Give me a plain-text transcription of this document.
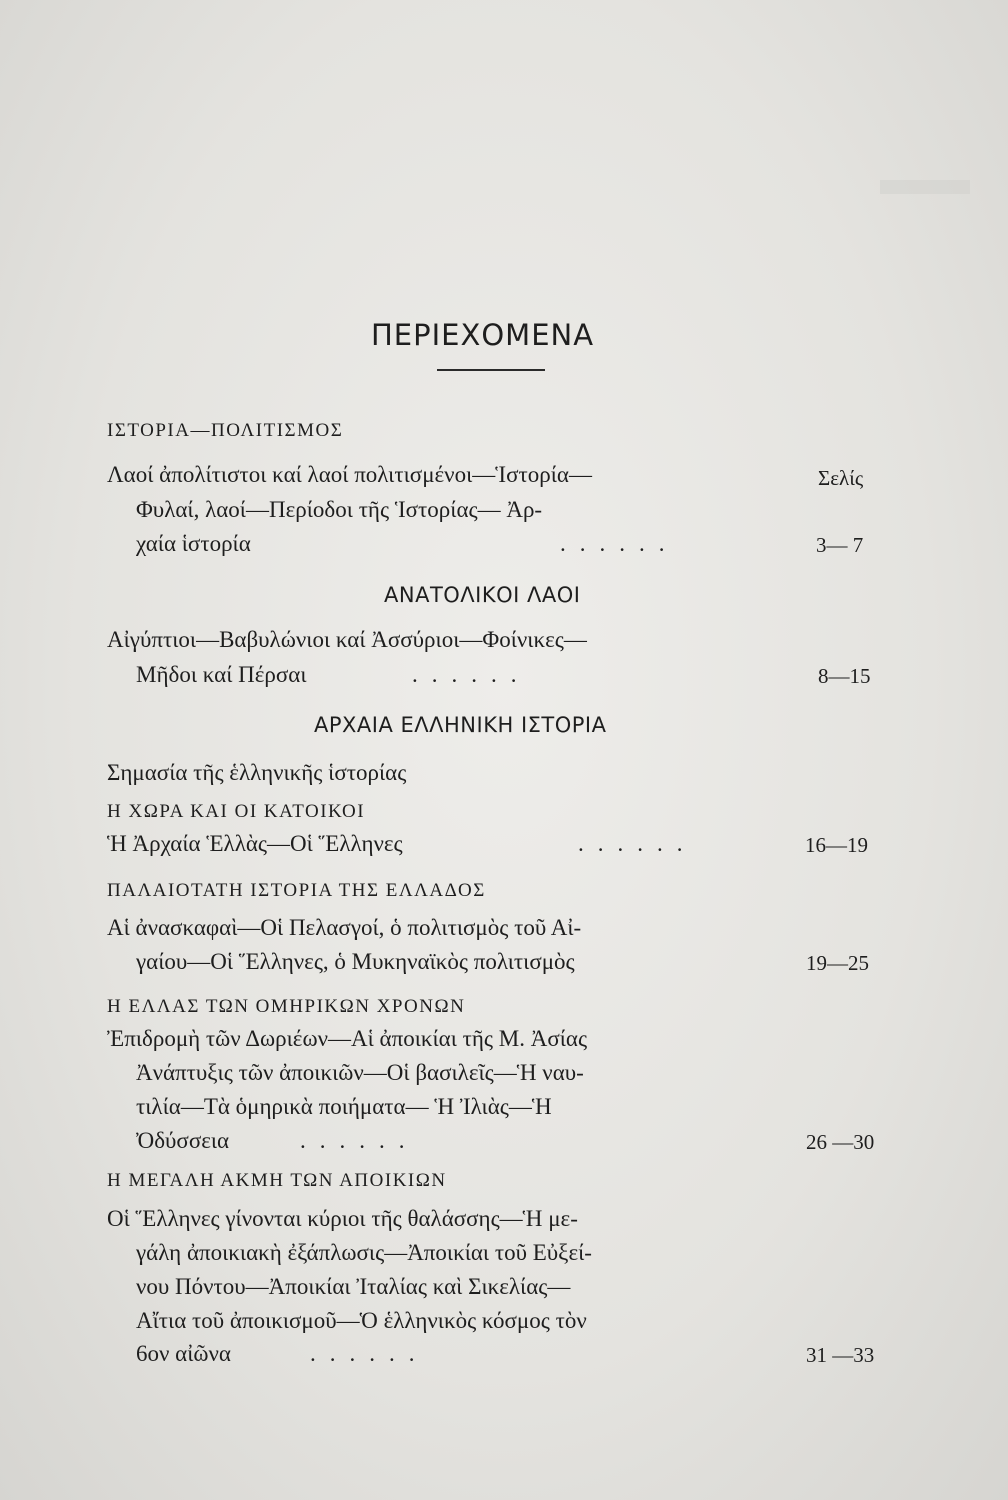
ΠΕΡΙΕΧΟΜΕΝΑ
ΙΣΤΟΡΙΑ—ΠΟΛΙΤΙΣΜΟΣ
Σελίς
Λαοί ἀπολίτιστοι καί λαοί πολιτισμένοι—Ἱστορία—
Φυλαί, λαοί—Περίοδοι τῆς Ἱστορίας— Ἀρ-
χαία ἱστορία	......	3— 7
ΑΝΑΤΟΛΙΚΟΙ ΛΑΟΙ
Αἰγύπτιοι—Βαβυλώνιοι καί Ἀσσύριοι—Φοίνικες—
Μῆδοι καί Πέρσαι	......	8—15
ΑΡΧΑΙΑ ΕΛΛΗΝΙΚΗ ΙΣΤΟΡΙΑ
Σημασία τῆς ἑλληνικῆς ἱστορίας
Η ΧΩΡΑ ΚΑΙ ΟΙ ΚΑΤΟΙΚΟΙ
Ἡ Ἀρχαία Ἑλλὰς—Οἱ Ἕλληνες	......	16—19
ΠΑΛΑΙΟΤΑΤΗ ΙΣΤΟΡΙΑ ΤΗΣ ΕΛΛΑΔΟΣ
Αἱ ἀνασκαφαὶ—Οἱ Πελασγοί, ὁ πολιτισμὸς τοῦ Αἰ-
γαίου—Οἱ Ἕλληνες, ὁ Μυκηναϊκὸς πολιτισμὸς	19—25
Η ΕΛΛΑΣ ΤΩΝ ΟΜΗΡΙΚΩΝ ΧΡΟΝΩΝ
Ἐπιδρομὴ τῶν Δωριέων—Αἱ ἀποικίαι τῆς Μ. Ἀσίας
Ἀνάπτυξις τῶν ἀποικιῶν—Οἱ βασιλεῖς—Ἡ ναυ-
τιλία—Τὰ ὁμηρικὰ ποιήματα— Ἡ Ἰλιὰς—Ἡ
Ὀδύσσεια	......	26 —30
Η ΜΕΓΑΛΗ ΑΚΜΗ ΤΩΝ ΑΠΟΙΚΙΩΝ
Οἱ Ἕλληνες γίνονται κύριοι τῆς θαλάσσης—Ἡ με-
γάλη ἀποικιακὴ ἐξάπλωσις—Ἀποικίαι τοῦ Εὐξεί-
νου Πόντου—Ἀποικίαι Ἰταλίας καὶ Σικελίας—
Αἴτια τοῦ ἀποικισμοῦ—Ὁ ἑλληνικὸς κόσμος τὸν
6ον αἰῶνα	......	31 —33
